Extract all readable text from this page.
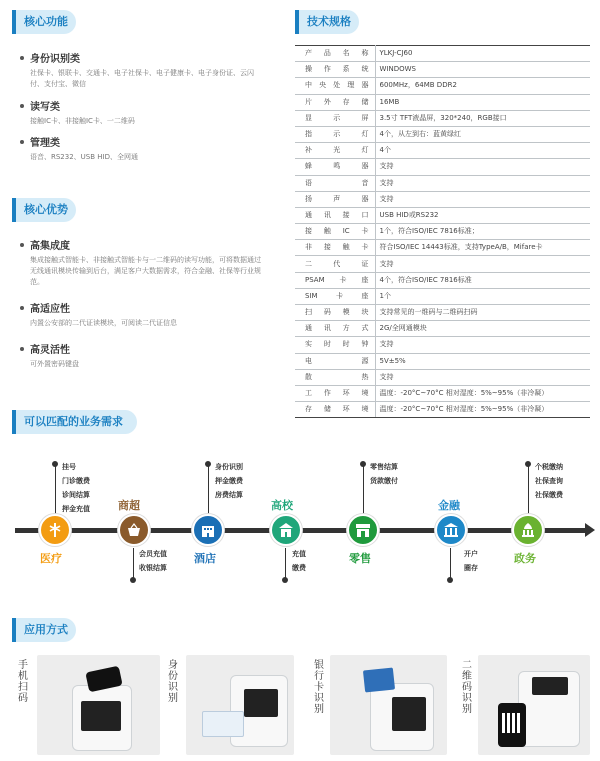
核心功能
身份识别类
社保卡、银联卡、交通卡、电子社保卡、电子健康卡、电子身份证、云闪付、支付宝、微信
读写类
接触IC卡、非接触IC卡、一二维码
管理类
语音、RS232、USB HID、全网通
核心优势
高集成度
集成接触式智能卡、非接触式智能卡与一二维码的读写功能，可将数据通过无线通讯模块传输到后台，满足客户大数据需求，符合金融、社保等行业规范。
高适应性
内置公安部的二代证读模块，可阅读二代证信息
高灵活性
可外置密码键盘
技术规格
产品名称	YLKJ-CJ60
操作系统	WINDOWS
中央处理器	600MHz，64MB DDR2
片外存储	16MB
显示屏	3.5寸 TFT液晶屏，320*240，RGB接口
指示灯	4个，从左到右：蓝黄绿红
补光灯	4个
蜂鸣器	支持
语音	支持
扬声器	支持
通讯接口	USB HID或RS232
接触IC卡	1个，符合ISO/IEC 7816标准；
非接触卡	符合ISO/IEC 14443标准，支持TypeA/B，Mifare卡
二代证	支持
PSAM卡座	4个，符合ISO/IEC 7816标准
SIM卡座	1个
扫码模块	支持常见的一维码与二维码扫码
通讯方式	2G/全网通模块
实时时钟	支持
电源	5V±5%
散热	支持
工作环境	温度：-20°C~70°C 相对湿度：5%~95%（非冷凝）
存储环境	温度：-20°C~70°C 相对湿度：5%~95%（非冷凝）
可以匹配的业务需求
挂号
门诊缴费
诊间结算
押金充值
医疗
商超
会员充值
收银结算
身份识别
押金缴费
房费结算
酒店
高校
充值
缴费
零售结算
货款缴付
零售
金融
开户
圈存
个税缴纳
社保查询
社保缴费
政务
应用方式
手机扫码
身份识别
银行卡识别
二维码识别
